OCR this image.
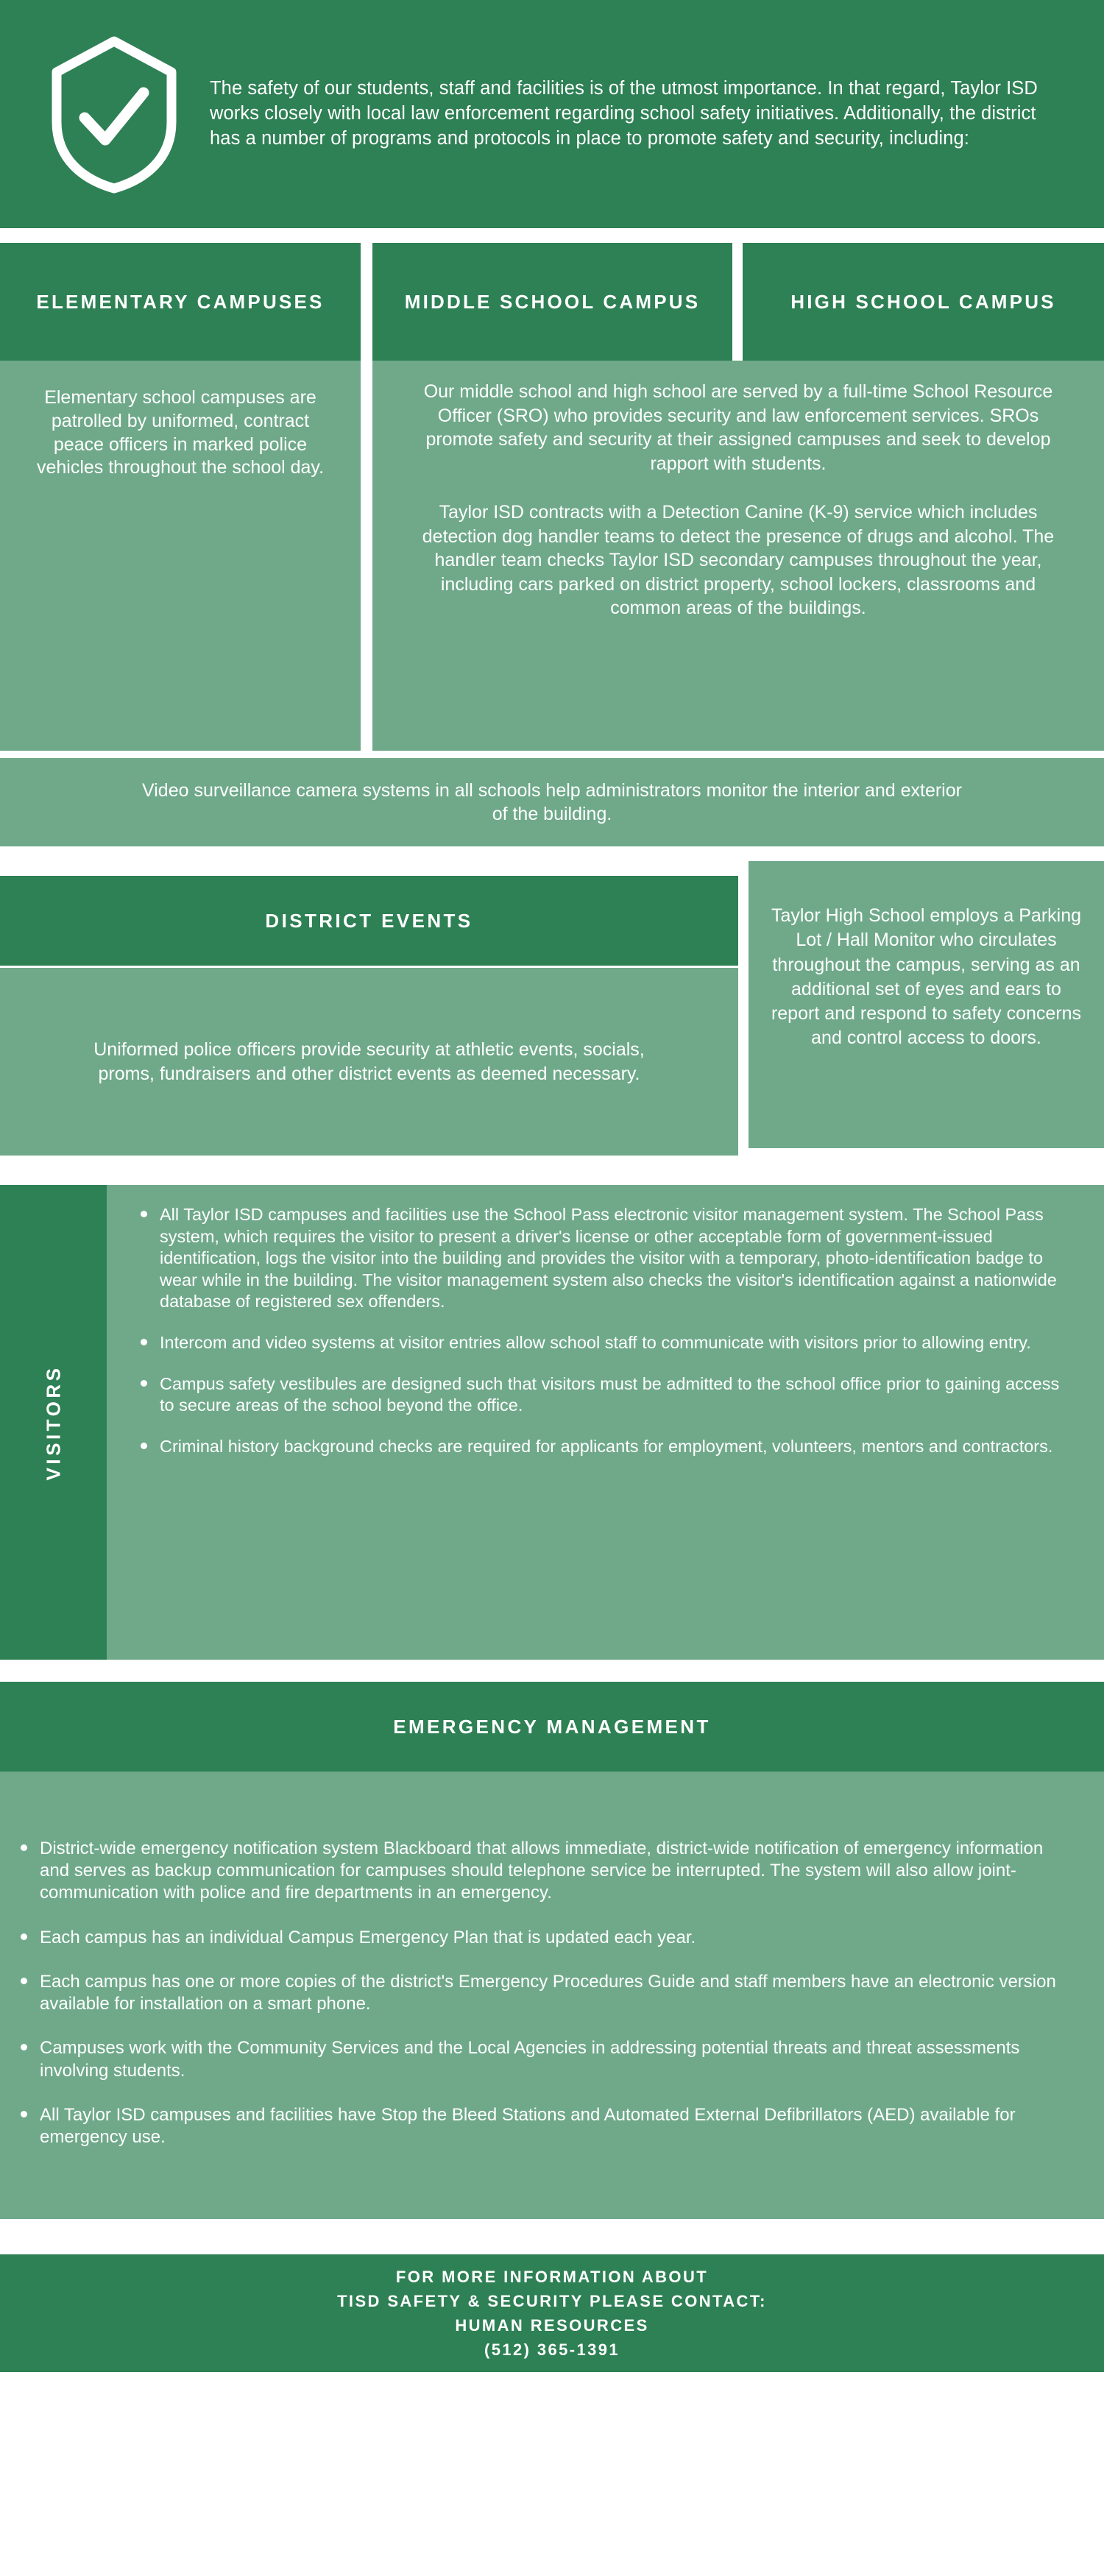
The safety of our students, staff and facilities is of the utmost importance. In that regard, Taylor ISD works closely with local law enforcement regarding school safety initiatives. Additionally, the district has a number of programs and protocols in place to promote safety and security, including:
ELEMENTARY CAMPUSES	MIDDLE SCHOOL CAMPUS	HIGH SCHOOL CAMPUS
Elementary school campuses are patrolled by uniformed, contract peace officers in marked police vehicles throughout the school day.

Our middle school and high school are served by a full-time School Resource Officer (SRO) who provides security and law enforcement services. SROs promote safety and security at their assigned campuses and seek to develop rapport with students.

Taylor ISD contracts with a Detection Canine (K-9) service which includes detection dog handler teams to detect the presence of drugs and alcohol. The handler team checks Taylor ISD secondary campuses throughout the year, including cars parked on district property, school lockers, classrooms and common areas of the buildings.

Video surveillance camera systems in all schools help administrators monitor the interior and exterior of the building.
DISTRICT EVENTS
Uniformed police officers provide security at athletic events, socials, proms, fundraisers and other district events as deemed necessary.
Taylor High School employs a Parking Lot / Hall Monitor who circulates throughout the campus, serving as an additional set of eyes and ears to report and respond to safety concerns and control access to doors.
VISITORS
All Taylor ISD campuses and facilities use the School Pass electronic visitor management system. The School Pass system, which requires the visitor to present a driver's license or other acceptable form of government-issued identification, logs the visitor into the building and provides the visitor with a temporary, photo-identification badge to wear while in the building. The visitor management system also checks the visitor's identification against a nationwide database of registered sex offenders.
Intercom and video systems at visitor entries allow school staff to communicate with visitors prior to allowing entry.
Campus safety vestibules are designed such that visitors must be admitted to the school office prior to gaining access to secure areas of the school beyond the office.
Criminal history background checks are required for applicants for employment, volunteers, mentors and contractors.
EMERGENCY MANAGEMENT
District-wide emergency notification system Blackboard that allows immediate, district-wide notification of emergency information and serves as backup communication for campuses should telephone service be interrupted. The system will also allow joint-communication with police and fire departments in an emergency.
Each campus has an individual Campus Emergency Plan that is updated each year.
Each campus has one or more copies of the district's Emergency Procedures Guide and staff members have an electronic version available for installation on a smart phone.
Campuses work with the Community Services and the Local Agencies in addressing potential threats and threat assessments involving students.
All Taylor ISD campuses and facilities have Stop the Bleed Stations and Automated External Defibrillators (AED) available for emergency use.
FOR MORE INFORMATION ABOUT
TISD SAFETY & SECURITY PLEASE CONTACT:
HUMAN RESOURCES
(512) 365-1391
